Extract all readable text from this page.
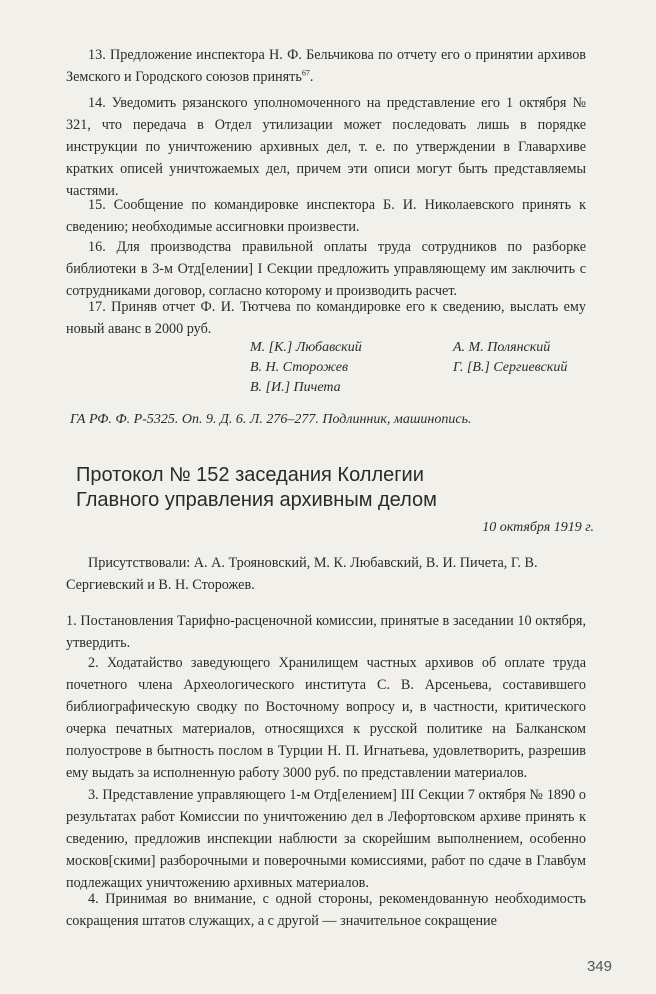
13. Предложение инспектора Н. Ф. Бельчикова по отчету его о принятии архивов Земского и Городского союзов принять$^{67}$.

14. Уведомить рязанского уполномоченного на представление его 1 октября № 321, что передача в Отдел утилизации может последовать лишь в порядке инструкции по уничтожению архивных дел, т. е. по утверждении в Главархиве кратких описей уничтожаемых дел, причем эти описи могут быть представляемы частями.

15. Сообщение по командировке инспектора Б. И. Николаевского принять к сведению; необходимые ассигновки произвести.

16. Для производства правильной оплаты труда сотрудников по разборке библиотеки в 3-м Отд[елении] I Секции предложить управляющему им заключить с сотрудниками договор, согласно которому и производить расчет.

17. Приняв отчет Ф. И. Тютчева по командировке его к сведению, выслать ему новый аванс в 2000 руб.

М. [К.] Любавский
В. Н. Сторожев
В. [И.] Пичета
А. М. Полянский
Г. [В.] Сергиевский
ГА РФ. Ф. Р-5325. Оп. 9. Д. 6. Л. 276–277. Подлинник, машинопись.
Протокол № 152 заседания Коллегии
Главного управления архивным делом
10 октября 1919 г.

Присутствовали: А. А. Трояновский, М. К. Любавский, В. И. Пичета, Г. В. Сергиевский и В. Н. Сторожев.

1. Постановления Тарифно-расценочной комиссии, принятые в заседании 10 октября, утвердить.

2. Ходатайство заведующего Хранилищем частных архивов об оплате труда почетного члена Археологического института С. В. Арсеньева, составившего библиографическую сводку по Восточному вопросу и, в частности, критического очерка печатных материалов, относящихся к русской политике на Балканском полуострове в бытность послом в Турции Н. П. Игнатьева, удовлетворить, разрешив ему выдать за исполненную работу 3000 руб. по представлении материалов.

3. Представление управляющего 1-м Отд[елением] III Секции 7 октября № 1890 о результатах работ Комиссии по уничтожению дел в Лефортовском архиве принять к сведению, предложив инспекции наблюсти за скорейшим выполнением, особенно москов[скими] разборочными и поверочными комиссиями, работ по сдаче в Главбум подлежащих уничтожению архивных материалов.

4. Принимая во внимание, с одной стороны, рекомендованную необходимость сокращения штатов служащих, а с другой — значительное сокращение

349
